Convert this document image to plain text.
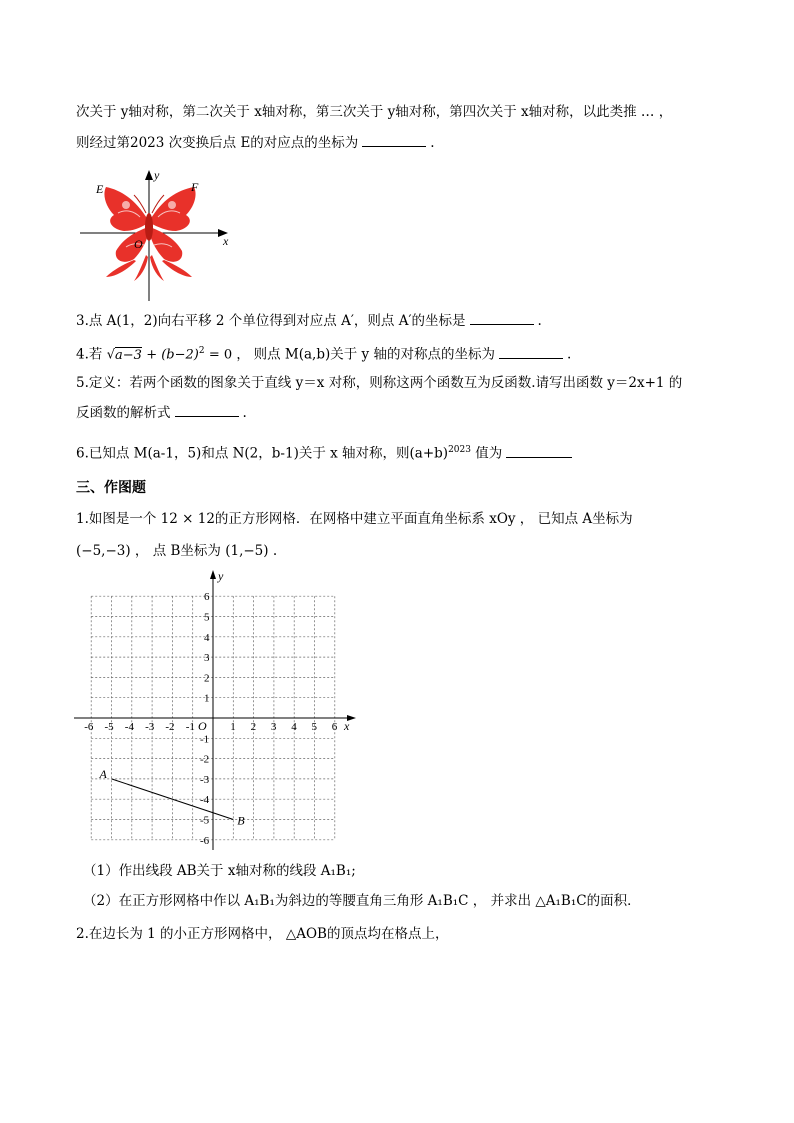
次关于 y轴对称，第二次关于 x轴对称，第三次关于 y轴对称，第四次关于 x轴对称，以此类推 … ，
则经过第2023 次变换后点 E的对应点的坐标为	.
y
x
E	F
O
3.点 A(1，2)向右平移 2 个单位得到对应点 A′，则点 A′的坐标是	.
4.若 $√a-3 + (b-2)^2 = 0$ ， 则点 M(a,b)关于 y 轴的对称点的坐标为	.
5.定义：若两个函数的图象关于直线 y＝x 对称，则称这两个函数互为反函数.请写出函数 y＝2x+1 的
反函数的解析式	.
6.已知点 M(a-1，5)和点 N(2，b-1)关于 x 轴对称，则$(a+b)^{2023}$ 值为
三、作图题
1.如图是一个 12 × 12的正方形网格．在网格中建立平面直角坐标系 xOy ， 已知点 A坐标为
(−5,−3) ， 点 B坐标为 (1,−5) .
y
x
O
-6 -5 -4 -3 -2 -1	1 2 3 4 5 6
6
5
4
3
2
1
-1
-2
-3
-4
-5
-6
A
B
（1）作出线段 AB关于 x轴对称的线段 A₁B₁;
（2）在正方形网格中作以 A₁B₁为斜边的等腰直角三角形 A₁B₁C ， 并求出 △A₁B₁C的面积．
2.在边长为 1 的小正方形网格中， △AOB的顶点均在格点上，
